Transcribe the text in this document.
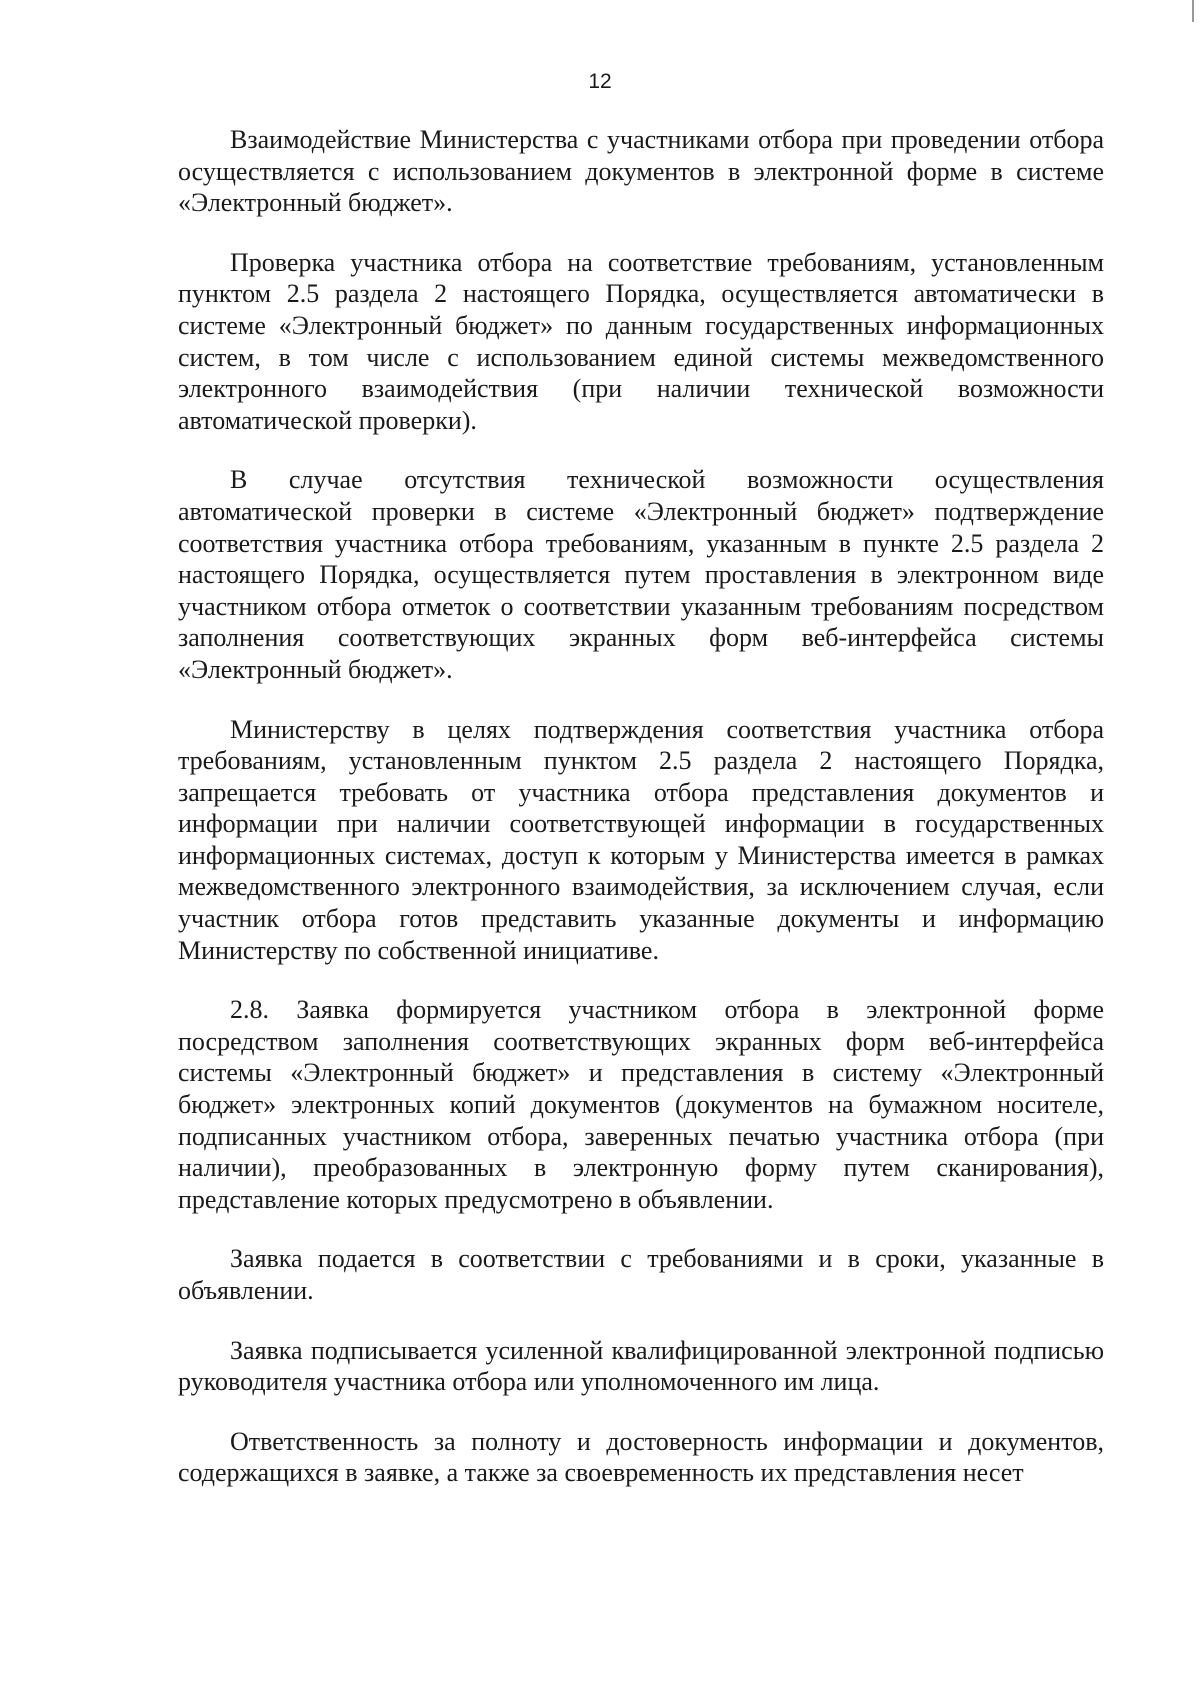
12

Взаимодействие Министерства с участниками отбора при проведении отбора осуществляется с использованием документов в электронной форме в системе «Электронный бюджет».

Проверка участника отбора на соответствие требованиям, установленным пунктом 2.5 раздела 2 настоящего Порядка, осуществляется автоматически в системе «Электронный бюджет» по данным государственных информационных систем, в том числе с использованием единой системы межведомственного электронного взаимодействия (при наличии технической возможности автоматической проверки).

В случае отсутствия технической возможности осуществления автоматической проверки в системе «Электронный бюджет» подтверждение соответствия участника отбора требованиям, указанным в пункте 2.5 раздела 2 настоящего Порядка, осуществляется путем проставления в электронном виде участником отбора отметок о соответствии указанным требованиям посредством заполнения соответствующих экранных форм веб-интерфейса системы «Электронный бюджет».

Министерству в целях подтверждения соответствия участника отбора требованиям, установленным пунктом 2.5 раздела 2 настоящего Порядка, запрещается требовать от участника отбора представления документов и информации при наличии соответствующей информации в государственных информационных системах, доступ к которым у Министерства имеется в рамках межведомственного электронного взаимодействия, за исключением случая, если участник отбора готов представить указанные документы и информацию Министерству по собственной инициативе.

2.8. Заявка формируется участником отбора в электронной форме посредством заполнения соответствующих экранных форм веб-интерфейса системы «Электронный бюджет» и представления в систему «Электронный бюджет» электронных копий документов (документов на бумажном носителе, подписанных участником отбора, заверенных печатью участника отбора (при наличии), преобразованных в электронную форму путем сканирования), представление которых предусмотрено в объявлении.

Заявка подается в соответствии с требованиями и в сроки, указанные в объявлении.

Заявка подписывается усиленной квалифицированной электронной подписью руководителя участника отбора или уполномоченного им лица.

Ответственность за полноту и достоверность информации и документов, содержащихся в заявке, а также за своевременность их представления несет
